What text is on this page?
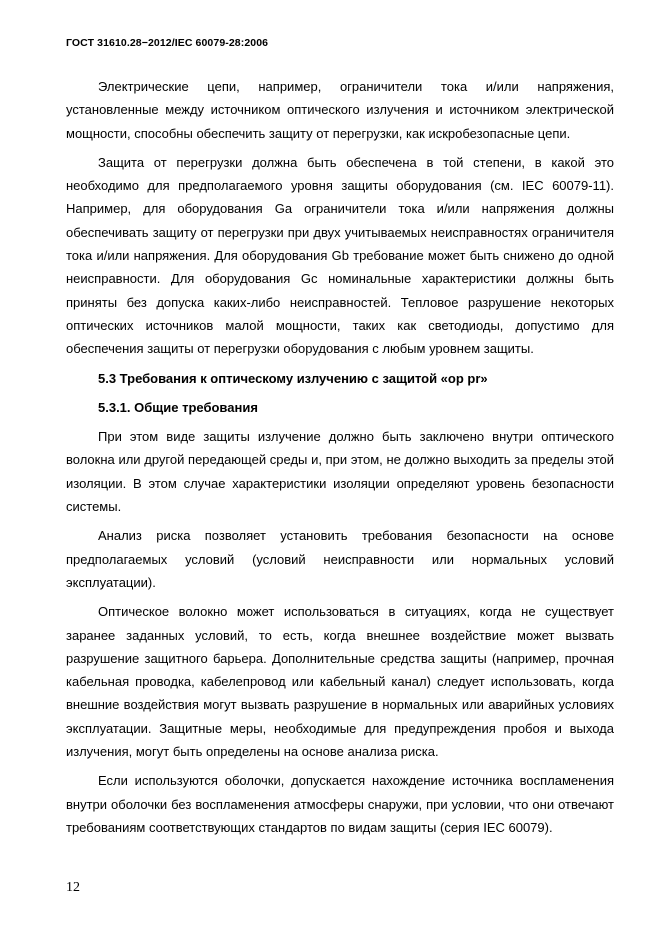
ГОСТ 31610.28−2012/IEC 60079-28:2006

Электрические цепи, например, ограничители тока и/или напряжения, установленные между источником оптического излучения и источником электрической мощности, способны обеспечить защиту от перегрузки, как искробезопасные цепи.

Защита от перегрузки должна быть обеспечена в той степени, в какой это необходимо для предполагаемого уровня защиты оборудования (см. IEC 60079-11). Например, для оборудования Ga ограничители тока и/или напряжения должны обеспечивать защиту от перегрузки при двух учитываемых неисправностях ограничителя тока и/или напряжения. Для оборудования Gb требование может быть снижено до одной неисправности. Для оборудования Gc номинальные характеристики должны быть приняты без допуска каких-либо неисправностей. Тепловое разрушение некоторых оптических источников малой мощности, таких как светодиоды, допустимо для обеспечения защиты от перегрузки оборудования с любым уровнем защиты.

5.3 Требования к оптическому излучению с защитой «op pr»

5.3.1. Общие требования

При этом виде защиты излучение должно быть заключено внутри оптического волокна или другой передающей среды и, при этом, не должно выходить за пределы этой изоляции. В этом случае характеристики изоляции определяют уровень безопасности системы.

Анализ риска позволяет установить требования безопасности на основе предполагаемых условий (условий неисправности или нормальных условий эксплуатации).

Оптическое волокно может использоваться в ситуациях, когда не существует заранее заданных условий, то есть, когда внешнее воздействие может вызвать разрушение защитного барьера. Дополнительные средства защиты (например, прочная кабельная проводка, кабелепровод или кабельный канал) следует использовать, когда внешние воздействия могут вызвать разрушение в нормальных или аварийных условиях эксплуатации. Защитные меры, необходимые для предупреждения пробоя и выхода излучения, могут быть определены на основе анализа риска.

Если используются оболочки, допускается нахождение источника воспламенения внутри оболочки без воспламенения атмосферы снаружи, при условии, что они отвечают требованиям соответствующих стандартов по видам защиты (серия IEC 60079).

12
